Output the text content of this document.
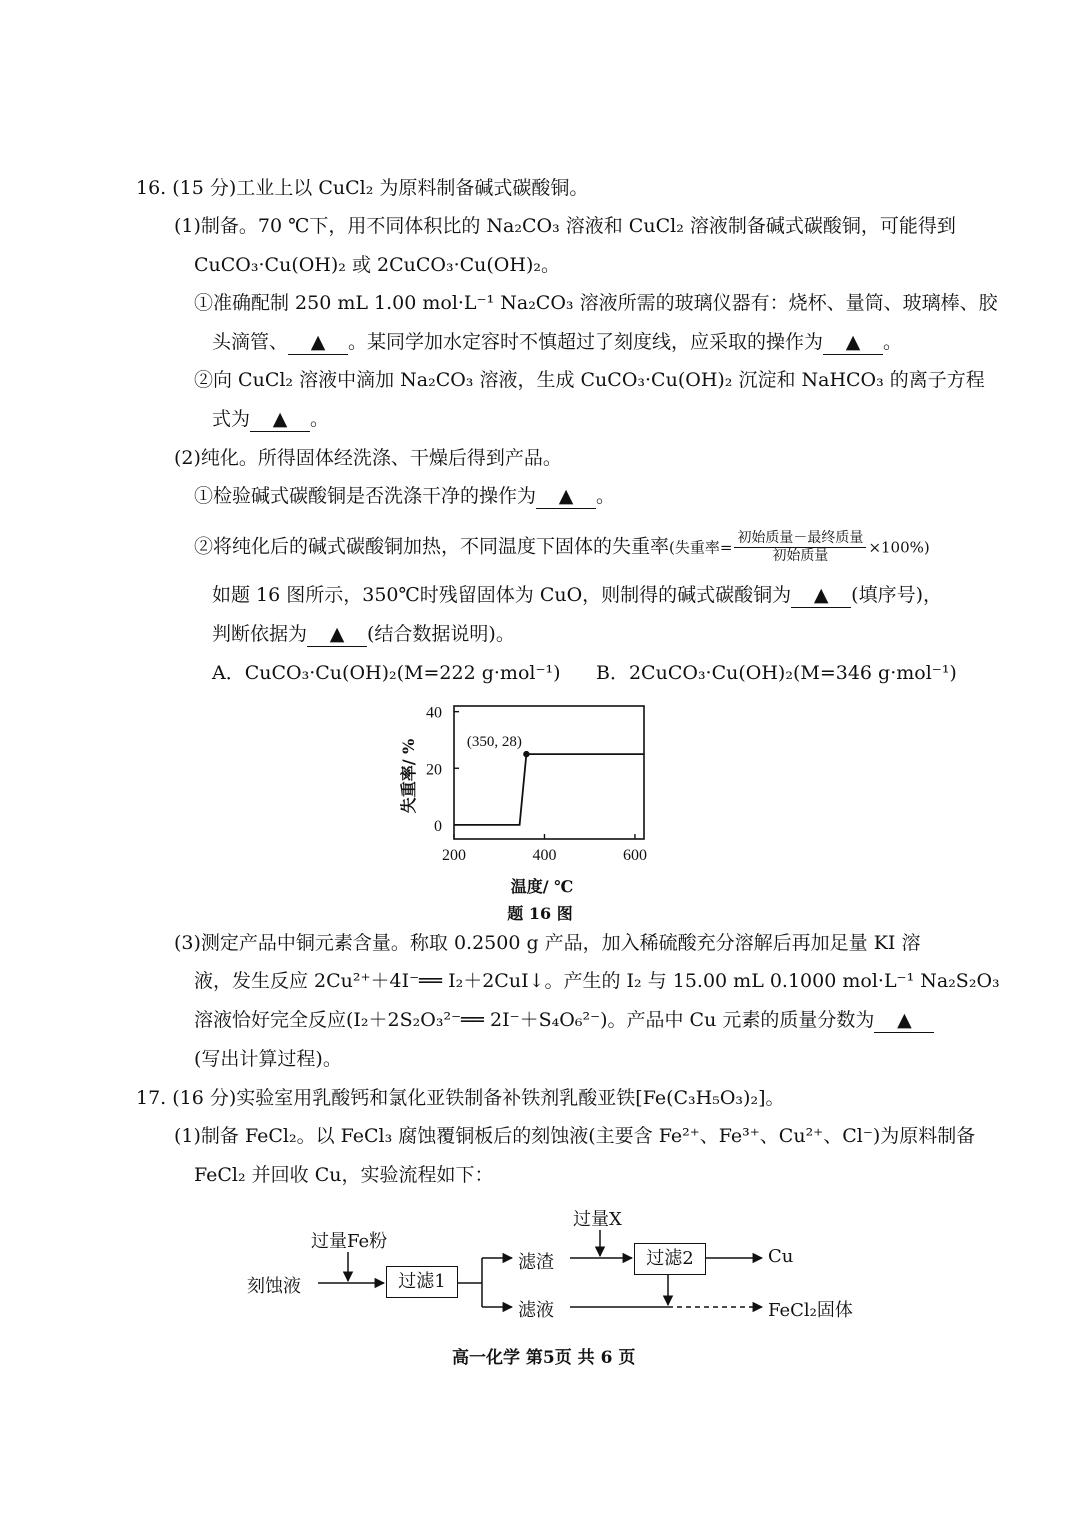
16. (15 分)工业上以 CuCl₂ 为原料制备碱式碳酸铜。
(1)制备。70 ℃下，用不同体积比的 Na₂CO₃ 溶液和 CuCl₂ 溶液制备碱式碳酸铜，可能得到
CuCO₃·Cu(OH)₂ 或 2CuCO₃·Cu(OH)₂。
①准确配制 250 mL 1.00 mol·L⁻¹ Na₂CO₃ 溶液所需的玻璃仪器有：烧杯、量筒、玻璃棒、胶
头滴管、 ▲ 。某同学加水定容时不慎超过了刻度线，应采取的操作为 ▲ 。
②向 CuCl₂ 溶液中滴加 Na₂CO₃ 溶液，生成 CuCO₃·Cu(OH)₂ 沉淀和 NaHCO₃ 的离子方程
式为 ▲ 。
(2)纯化。所得固体经洗涤、干燥后得到产品。
①检验碱式碳酸铜是否洗涤干净的操作为 ▲ 。
②将纯化后的碱式碳酸铜加热，不同温度下固体的失重率(失重率= $\frac{\text{初始质量－最终质量}}{\text{初始质量}} \times 100\%$)
如题 16 图所示，350℃时残留固体为 CuO，则制得的碱式碳酸铜为 ▲ (填序号)，
判断依据为 ▲ (结合数据说明)。
A．CuCO₃·Cu(OH)₂(M=222 g·mol⁻¹) B．2CuCO₃·Cu(OH)₂(M=346 g·mol⁻¹)
0
20
40
200	400	600
(350, 28)
失重率/ %
温度/ ℃
题 16 图
(3)测定产品中铜元素含量。称取 0.2500 g 产品，加入稀硫酸充分溶解后再加足量 KI 溶
液，发生反应 2Cu²⁺＋4I⁻══ I₂＋2CuI↓。产生的 I₂ 与 15.00 mL 0.1000 mol·L⁻¹ Na₂S₂O₃
溶液恰好完全反应(I₂＋2S₂O₃²⁻══ 2I⁻＋S₄O₆²⁻)。产品中 Cu 元素的质量分数为 ▲
(写出计算过程)。
17. (16 分)实验室用乳酸钙和氯化亚铁制备补铁剂乳酸亚铁[Fe(C₃H₅O₃)₂]。
(1)制备 FeCl₂。以 FeCl₃ 腐蚀覆铜板后的刻蚀液(主要含 Fe²⁺、Fe³⁺、Cu²⁺、Cl⁻)为原料制备
FeCl₂ 并回收 Cu，实验流程如下：
刻蚀液
过量Fe粉
过滤1
滤渣
滤液
过量X
过滤2	Cu
FeCl₂固体
高一化学 第5页 共 6 页
